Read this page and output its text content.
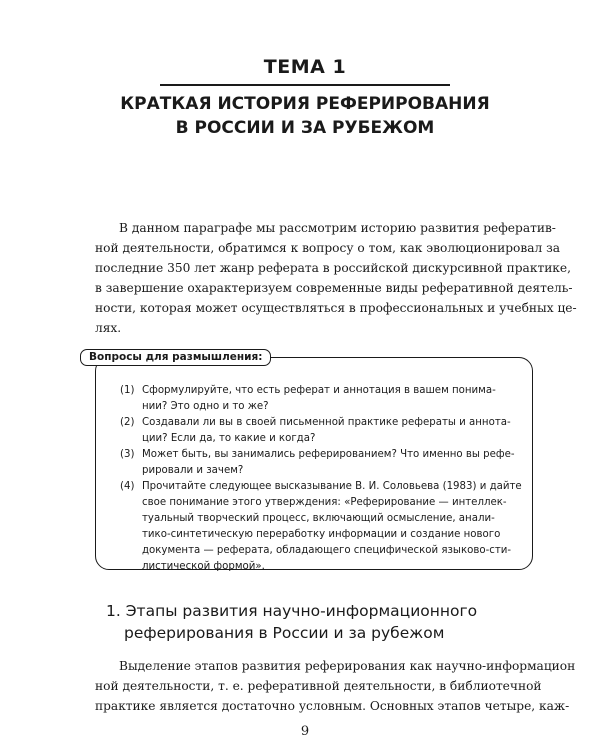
ТЕМА 1
КРАТКАЯ ИСТОРИЯ РЕФЕРИРОВАНИЯ
В РОССИИ И ЗА РУБЕЖОМ

В данном параграфе мы рассмотрим историю развития рефератив-
ной деятельности, обратимся к вопросу о том, как эволюционировал за
последние 350 лет жанр реферата в российской дискурсивной практике,
в завершение охарактеризуем современные виды реферативной деятель-
ности, которая может осуществляться в профессиональных и учебных це-
лях.

Вопросы для размышления:
(1) Сформулируйте, что есть реферат и аннотация в вашем понима-
нии? Это одно и то же?
(2) Создавали ли вы в своей письменной практике рефераты и аннота-
ции? Если да, то какие и когда?
(3) Может быть, вы занимались реферированием? Что именно вы рефе-
рировали и зачем?
(4) Прочитайте следующее высказывание В. И. Соловьева (1983) и дайте
свое понимание этого утверждения: «Реферирование — интеллек-
туальный творческий процесс, включающий осмысление, анали-
тико-синтетическую переработку информации и создание нового
документа — реферата, обладающего специфической языково-сти-
листической формой».
1. Этапы развития научно-информационного
реферирования в России и за рубежом

Выделение этапов развития реферирования как научно-информацион
ной деятельности, т. е. реферативной деятельности, в библиотечной
практике является достаточно условным. Основных этапов четыре, каж-

9
